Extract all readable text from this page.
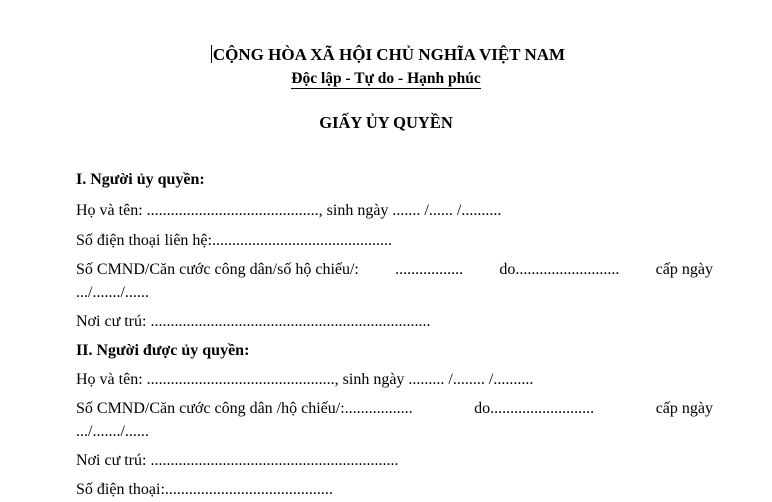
CỘNG HÒA XÃ HỘI CHỦ NGHĨA VIỆT NAM
Độc lập - Tự do - Hạnh phúc
GIẤY ỦY QUYỀN
I. Người ủy quyền:
Họ và tên: ..........................................., sinh ngày ....... /...... /..........
Số điện thoại liên hệ:.............................................
Số CMND/Căn cước công dân/số hộ chiếu/: ................. do.......................... cấp ngày
.../......./......
Nơi cư trú: ......................................................................
II. Người được ủy quyền:
Họ và tên: ..............................................., sinh ngày ......... /........ /..........
Số CMND/Căn cước công dân /hộ chiếu/:.................	do..........................	cấp ngày
.../......./......
Nơi cư trú: ..............................................................
Số điện thoại:..........................................
